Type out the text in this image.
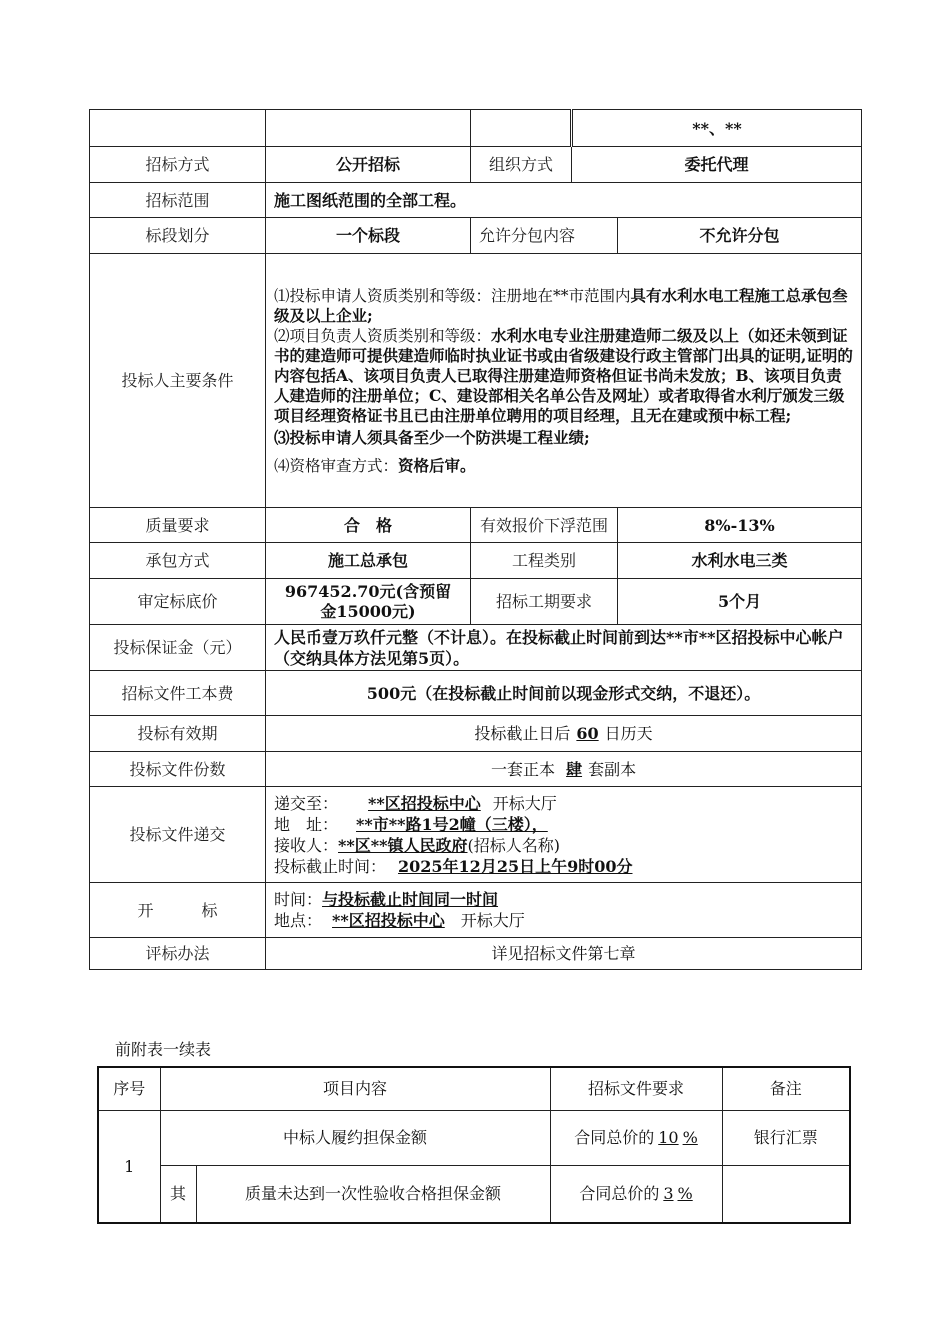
			**、**	
招标方式	公开招标	组织方式	委托代理	
招标范围	施工图纸范围的全部工程。			
标段划分	一个标段	允许分包内容		不允许分包
投标人主要条件	⑴投标申请人资质类别和等级：注册地在**市范围内具有水利水电工程施工总承包叁级及以上企业;
⑵项目负责人资质类别和等级：水利水电专业注册建造师二级及以上（如还未领到证书的建造师可提供建造师临时执业证书或由省级建设行政主管部门出具的证明,证明的内容包括A、该项目负责人已取得注册建造师资格但证书尚未发放；B、该项目负责人建造师的注册单位；C、建设部相关名单公告及网址）或者取得省水利厅颁发三级项目经理资格证书且已由注册单位聘用的项目经理，且无在建或预中标工程;
⑶投标申请人须具备至少一个防洪堤工程业绩;
⑷资格审查方式：资格后审。			

质量要求	合　格	有效报价下浮范围		8%-13%
承包方式	施工总承包	工程类别		水利水电三类
审定标底价	967452.70元(含预留金15000元)	招标工期要求		5个月
投标保证金（元）	人民币壹万玖仟元整（不计息）。在投标截止时间前到达**市**区招投标中心帐户（交纳具体方法见第5页）。			
招标文件工本费	500元（在投标截止时间前以现金形式交纳，不退还）。			
投标有效期	投标截止日后 60 日历天			
投标文件份数	一套正本 肆 套副本			
投标文件递交	递交至： **区招投标中心 开标大厅
地　址： **市**路1号2幢（三楼），
接收人：**区**镇人民政府(招标人名称)
投标截止时间： 2025年12月25日上午9时00分			

开　　　标	时间：与投标截止时间同一时间
地点： **区招投标中心 开标大厅			

评标办法	详见招标文件第七章			
前附表一续表
序号	项目内容		招标文件要求	备注
1	中标人履约担保金额		合同总价的 10 %	银行汇票
	其	质量未达到一次性验收合格担保金额	合同总价的 3 %	
